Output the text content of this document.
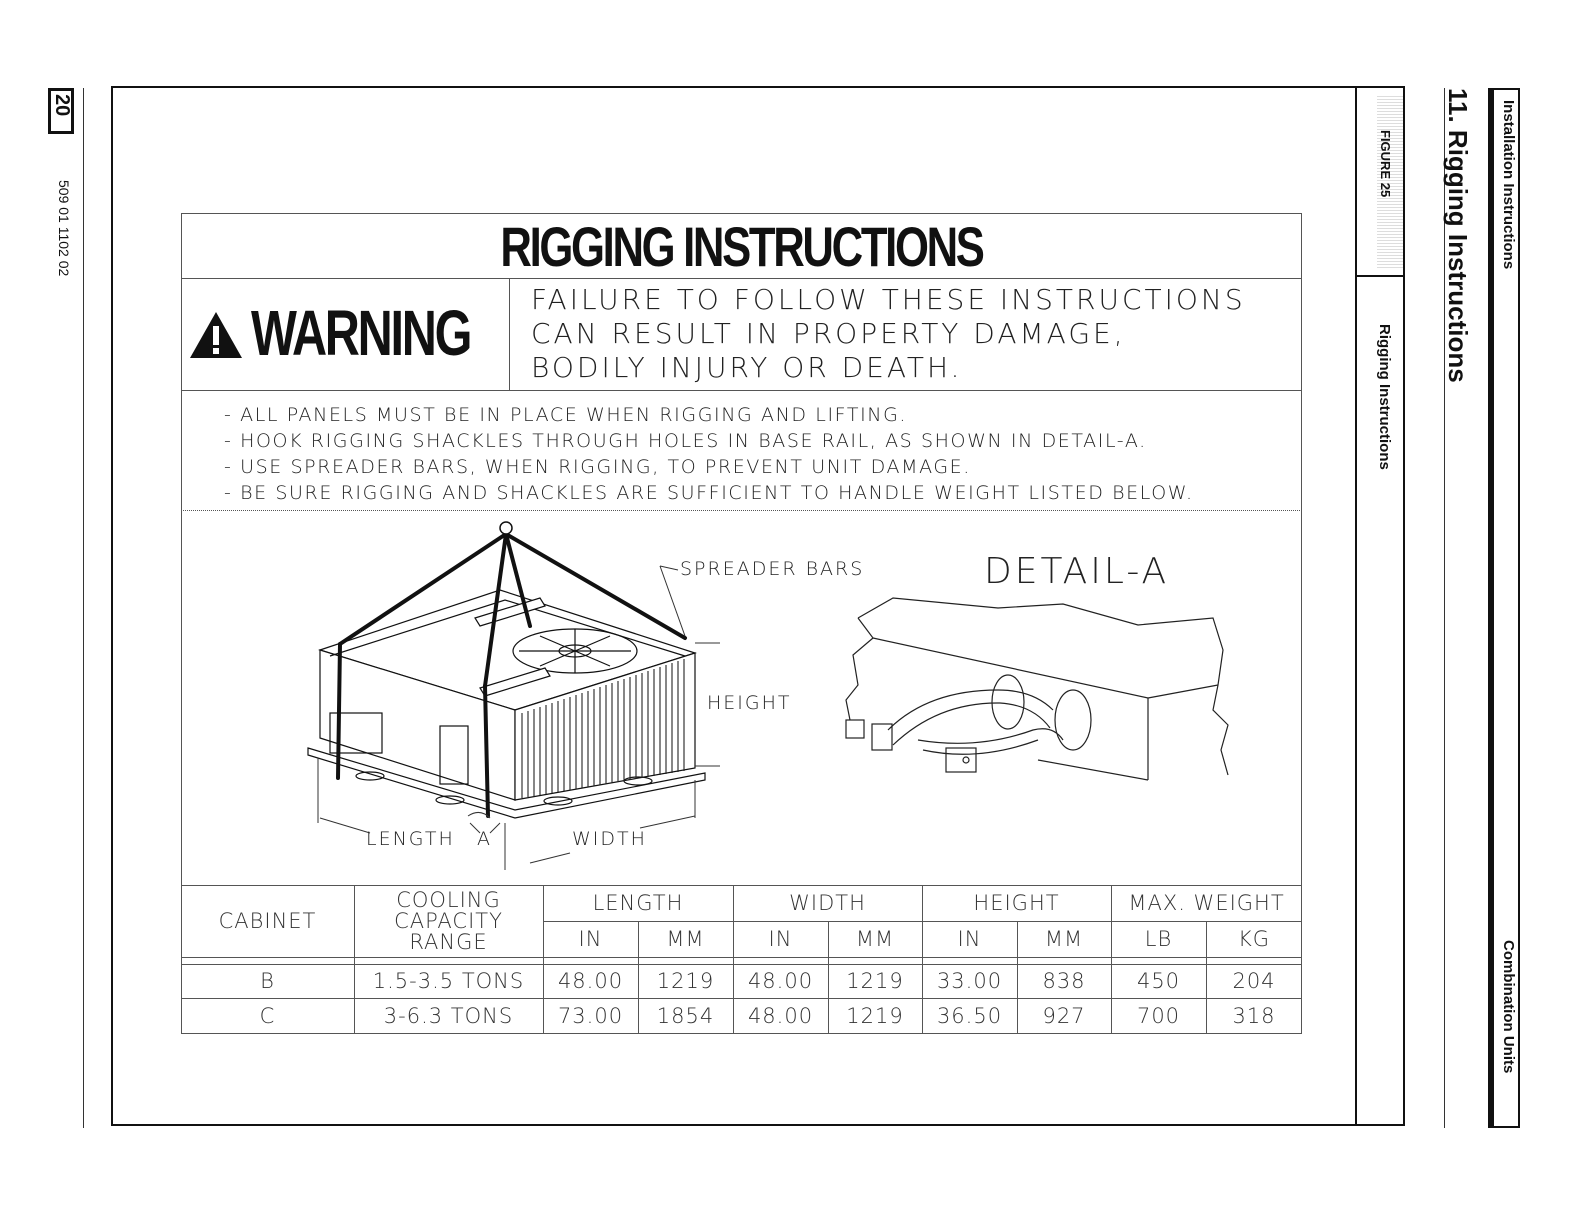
20
509 01 1102 02	Installation Instructions
Combination Units
11. Rigging Instructions
FIGURE 25
Rigging Instructions
RIGGING INSTRUCTIONS
WARNING FAILURE TO FOLLOW THESE INSTRUCTIONS
CAN RESULT IN PROPERTY DAMAGE,
BODILY INJURY OR DEATH.
- ALL PANELS MUST BE IN PLACE WHEN RIGGING AND LIFTING.
- HOOK RIGGING SHACKLES THROUGH HOLES IN BASE RAIL, AS SHOWN IN DETAIL-A.
- USE SPREADER BARS, WHEN RIGGING, TO PREVENT UNIT DAMAGE.
- BE SURE RIGGING AND SHACKLES ARE SUFFICIENT TO HANDLE WEIGHT LISTED BELOW.
SPREADER BARS
HEIGHT
LENGTH A	WIDTH
DETAIL-A
CABINET
COOLING
CAPACITY
RANGE
LENGTH	WIDTH	HEIGHT	MAX. WEIGHT
IN	MM	IN	MM	IN	MM	LB	KG
B	1.5-3.5 TONS	48.00	1219	48.00	1219	33.00	838	450	204
C	3-6.3 TONS	73.00	1854	48.00	1219	36.50	927	700	318
